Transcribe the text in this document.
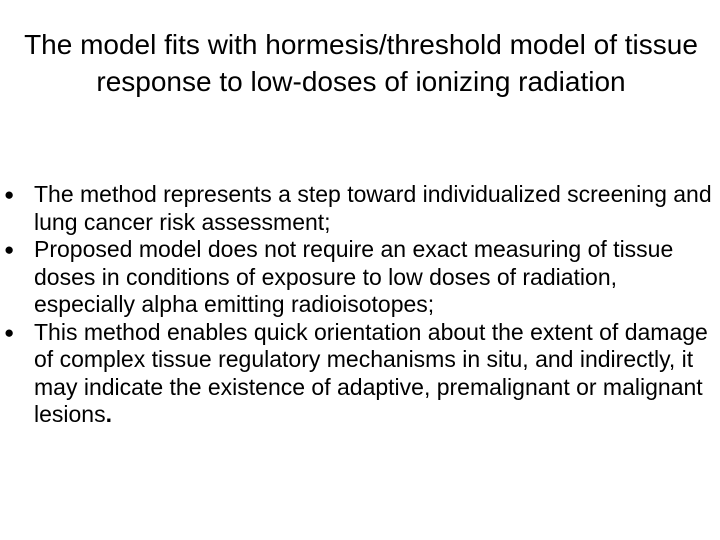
The model fits with hormesis/threshold model of tissue response to low-doses of ionizing radiation
● The method represents a step toward individualized screening and lung cancer risk assessment;
● Proposed model does not require an exact measuring of tissue doses in conditions of exposure to low doses of radiation, especially alpha emitting radioisotopes;
● This method enables quick orientation about the extent of damage of complex tissue regulatory mechanisms in situ, and indirectly, it may indicate the existence of adaptive, premalignant or malignant lesions.
